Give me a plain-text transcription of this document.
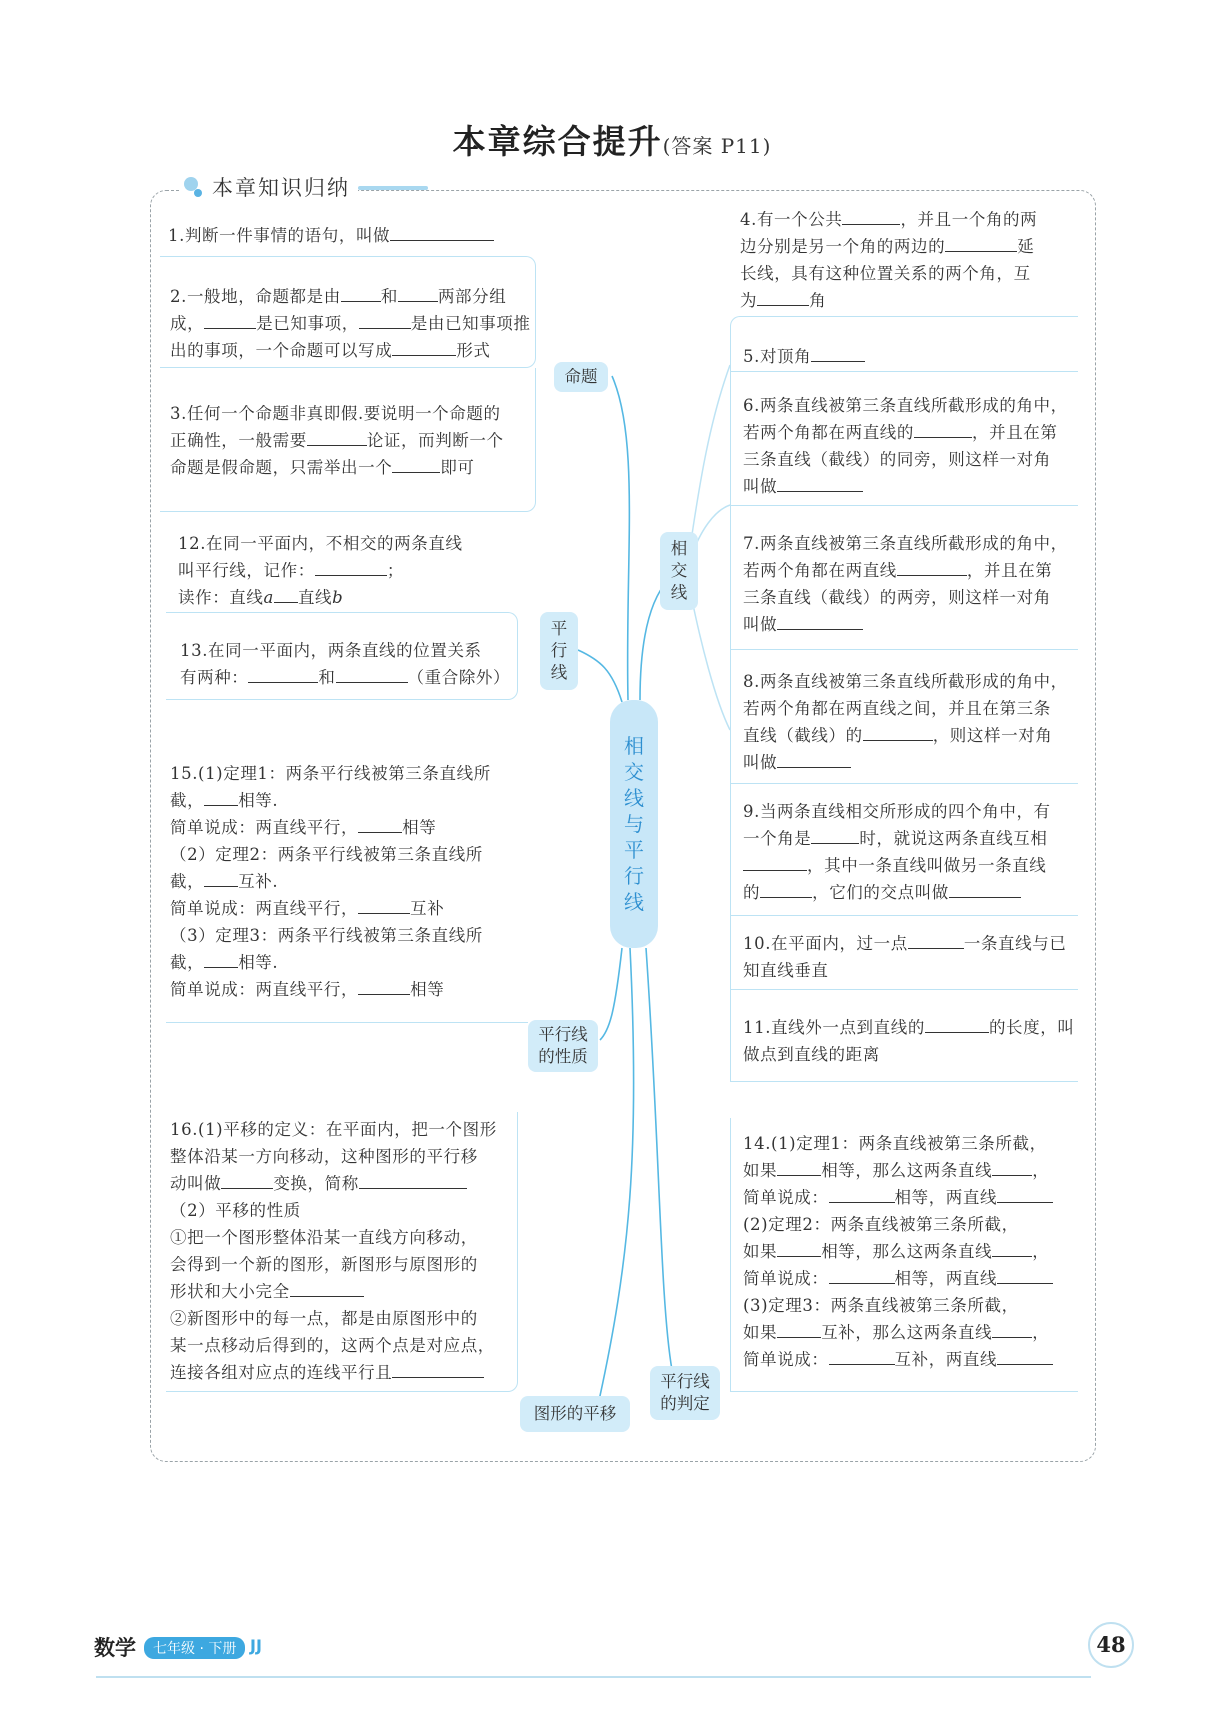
本章综合提升(答案 P11)
本章知识归纳

1.判断一件事情的语句，叫做

2.一般地，命题都是由 和 两部分组

成，	是已知事项，	是由已知事项推

出的事项，一个命题可以写成	形式

3.任何一个命题非真即假.要说明一个命题的

正确性，一般需要	论证，而判断一个

命题是假命题，只需举出一个	即可

命题

12.在同一平面内，不相交的两条直线

叫平行线，记作：	；

读作：直线a 直线b

13.在同一平面内，两条直线的位置关系

有两种：	和	（重合除外）

平行线

15.(1)定理1：两条平行线被第三条直线所

截， 相等.

简单说成：两直线平行，	相等

（2）定理2：两条平行线被第三条直线所

截， 互补.

简单说成：两直线平行，	互补

（3）定理3：两条平行线被第三条直线所

截， 相等.

简单说成：两直线平行，	相等

平行线的性质

16.(1)平移的定义：在平面内，把一个图形

整体沿某一方向移动，这种图形的平行移

动叫做	变换，简称

（2）平移的性质

①把一个图形整体沿某一直线方向移动，

会得到一个新的图形，新图形与原图形的

形状和大小完全

②新图形中的每一点，都是由原图形中的

某一点移动后得到的，这两个点是对应点，

连接各组对应点的连线平行且

图形的平移
相交线与平行线

4.有一个公共	，并且一个角的两

边分别是另一个角的两边的	延

长线，具有这种位置关系的两个角，互

为	角

5.对顶角

6.两条直线被第三条直线所截形成的角中，

若两个角都在两直线的	，并且在第

三条直线（截线）的同旁，则这样一对角

叫做

相交线

7.两条直线被第三条直线所截形成的角中，

若两个角都在两直线	，并且在第

三条直线（截线）的两旁，则这样一对角

叫做

8.两条直线被第三条直线所截形成的角中，

若两个角都在两直线之间，并且在第三条

直线（截线）的	，则这样一对角

叫做

9.当两条直线相交所形成的四个角中，有

一个角是	时，就说这两条直线互相

，其中一条直线叫做另一条直线

的	，它们的交点叫做

10.在平面内，过一点	一条直线与已

知直线垂直

11.直线外一点到直线的	的长度，叫

做点到直线的距离

14.(1)定理1：两条直线被第三条所截，

如果	相等，那么这两条直线 ，

简单说成：	相等，两直线

(2)定理2：两条直线被第三条所截，

如果	相等，那么这两条直线 ，

简单说成：	相等，两直线

(3)定理3：两条直线被第三条所截，

如果	互补，那么这两条直线 ，

简单说成：	互补，两直线

平行线的判定
数学	七年级 · 下册 JJ	48
